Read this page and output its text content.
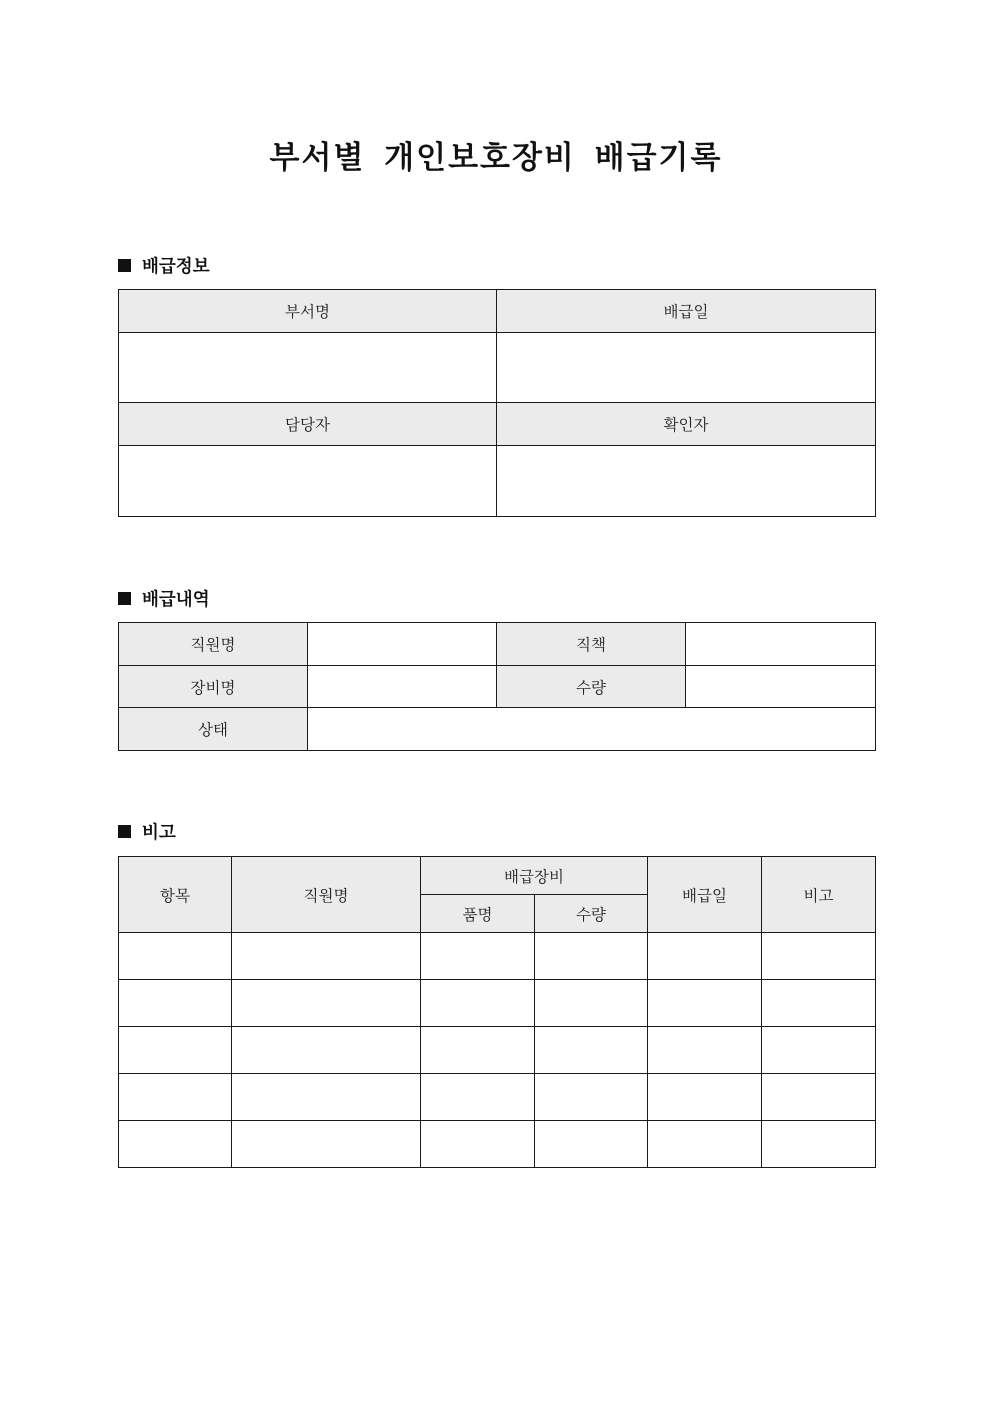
부서별 개인보호장비 배급기록
배급정보
부서명	배급일

담당자	확인자

배급내역
직원명		직책	
장비명		수량	
상태			
비고
항목	직원명	배급장비		배급일	비고
		품명	수량		
